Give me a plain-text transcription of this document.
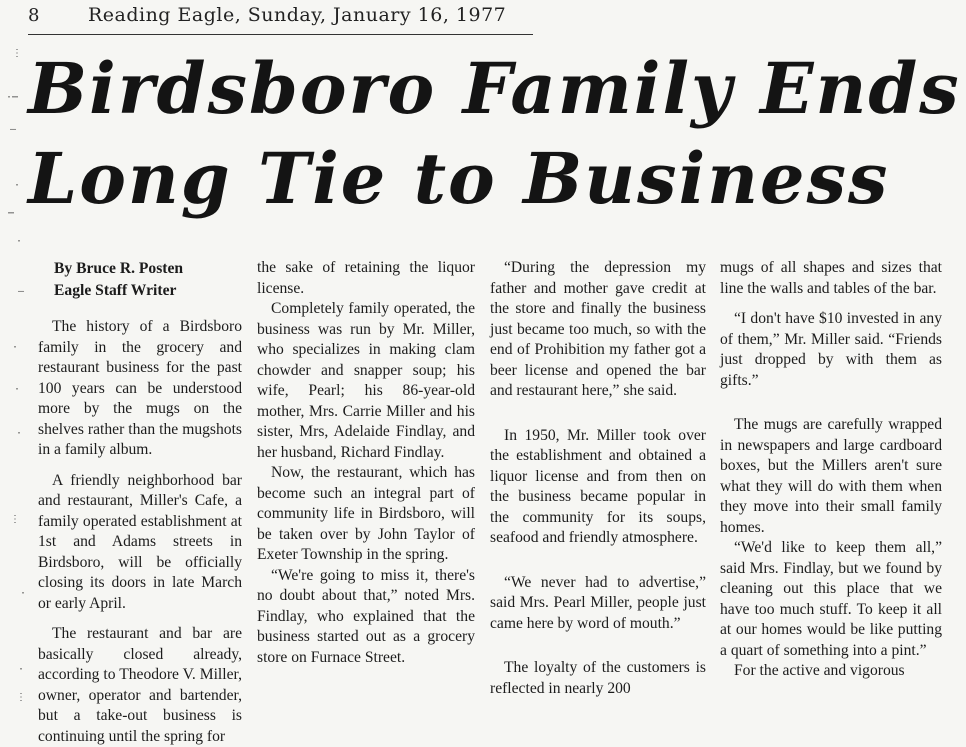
⋮
·⋯
—
·
⋯
·
—
·
·
·
⋮
·
·
⋮
8	Reading Eagle, Sunday, January 16, 1977
Birdsboro Family Ends
Long Tie to Business
By Bruce R. Posten
Eagle Staff Writer

The history of a Birdsboro family in the grocery and restaurant business for the past 100 years can be understood more by the mugs on the shelves rather than the mugshots in a family album.

A friendly neighborhood bar and restaurant, Miller's Cafe, a family operated establishment at 1st and Adams streets in Birdsboro, will be officially closing its doors in late March or early April.

The restaurant and bar are basically closed already, according to Theodore V. Miller, owner, operator and bartender, but a take-out business is continuing until the spring for

the sake of retaining the liquor license.

Completely family operated, the business was run by Mr. Miller, who specializes in making clam chowder and snapper soup; his wife, Pearl; his 86-year-old mother, Mrs. Carrie Miller and his sister, Mrs, Adelaide Findlay, and her husband, Richard Findlay.

Now, the restaurant, which has become such an integral part of community life in Birdsboro, will be taken over by John Taylor of Exeter Township in the spring.

“We're going to miss it, there's no doubt about that,” noted Mrs. Findlay, who explained that the business started out as a grocery store on Furnace Street.

“During the depression my father and mother gave credit at the store and finally the business just became too much, so with the end of Prohibition my father got a beer license and opened the bar and restaurant here,” she said.

In 1950, Mr. Miller took over the establishment and obtained a liquor license and from then on the business became popular in the community for its soups, seafood and friendly atmosphere.

“We never had to advertise,” said Mrs. Pearl Miller, people just came here by word of mouth.”

The loyalty of the customers is reflected in nearly 200

mugs of all shapes and sizes that line the walls and tables of the bar.

“I don't have $10 invested in any of them,” Mr. Miller said. “Friends just dropped by with them as gifts.”

The mugs are carefully wrapped in newspapers and large cardboard boxes, but the Millers aren't sure what they will do with them when they move into their small family homes.

“We'd like to keep them all,” said Mrs. Findlay, but we found by cleaning out this place that we have too much stuff. To keep it all at our homes would be like putting a quart of something into a pint.”

For the active and vigorous
